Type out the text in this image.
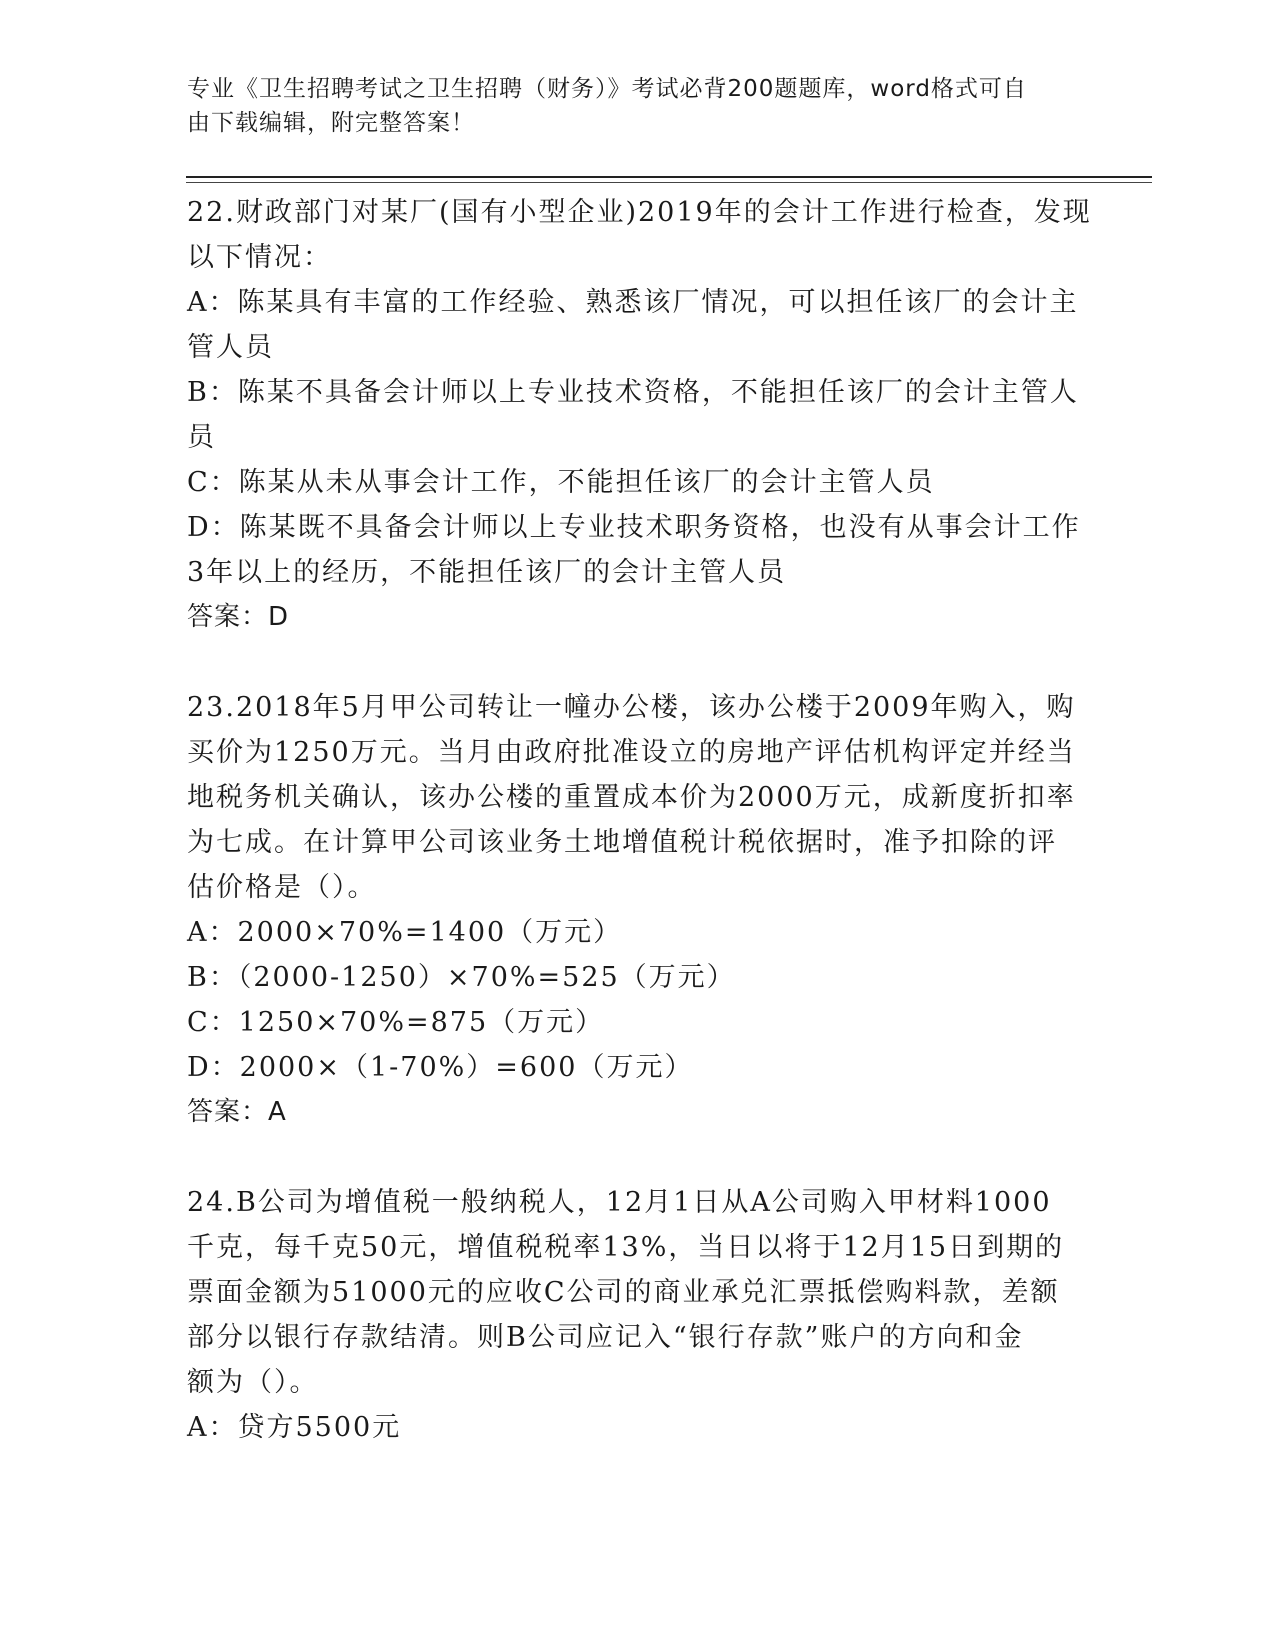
专业《卫生招聘考试之卫生招聘（财务）》考试必背200题题库，word格式可自
由下载编辑，附完整答案！
22.财政部门对某厂(国有小型企业)2019年的会计工作进行检查，发现
以下情况：
A：陈某具有丰富的工作经验、熟悉该厂情况，可以担任该厂的会计主
管人员
B：陈某不具备会计师以上专业技术资格，不能担任该厂的会计主管人
员
C：陈某从未从事会计工作，不能担任该厂的会计主管人员
D：陈某既不具备会计师以上专业技术职务资格，也没有从事会计工作
3年以上的经历，不能担任该厂的会计主管人员
答案：D
23.2018年5月甲公司转让一幢办公楼，该办公楼于2009年购入，购
买价为1250万元。当月由政府批准设立的房地产评估机构评定并经当
地税务机关确认，该办公楼的重置成本价为2000万元，成新度折扣率
为七成。在计算甲公司该业务土地增值税计税依据时，准予扣除的评
估价格是（）。
A：2000×70%=1400（万元）
B：（2000-1250）×70%=525（万元）
C：1250×70%=875（万元）
D：2000×（1-70%）=600（万元）
答案：A
24.B公司为增值税一般纳税人，12月1日从A公司购入甲材料1000
千克，每千克50元，增值税税率13%，当日以将于12月15日到期的
票面金额为51000元的应收C公司的商业承兑汇票抵偿购料款，差额
部分以银行存款结清。则B公司应记入“银行存款”账户的方向和金
额为（）。
A：贷方5500元
